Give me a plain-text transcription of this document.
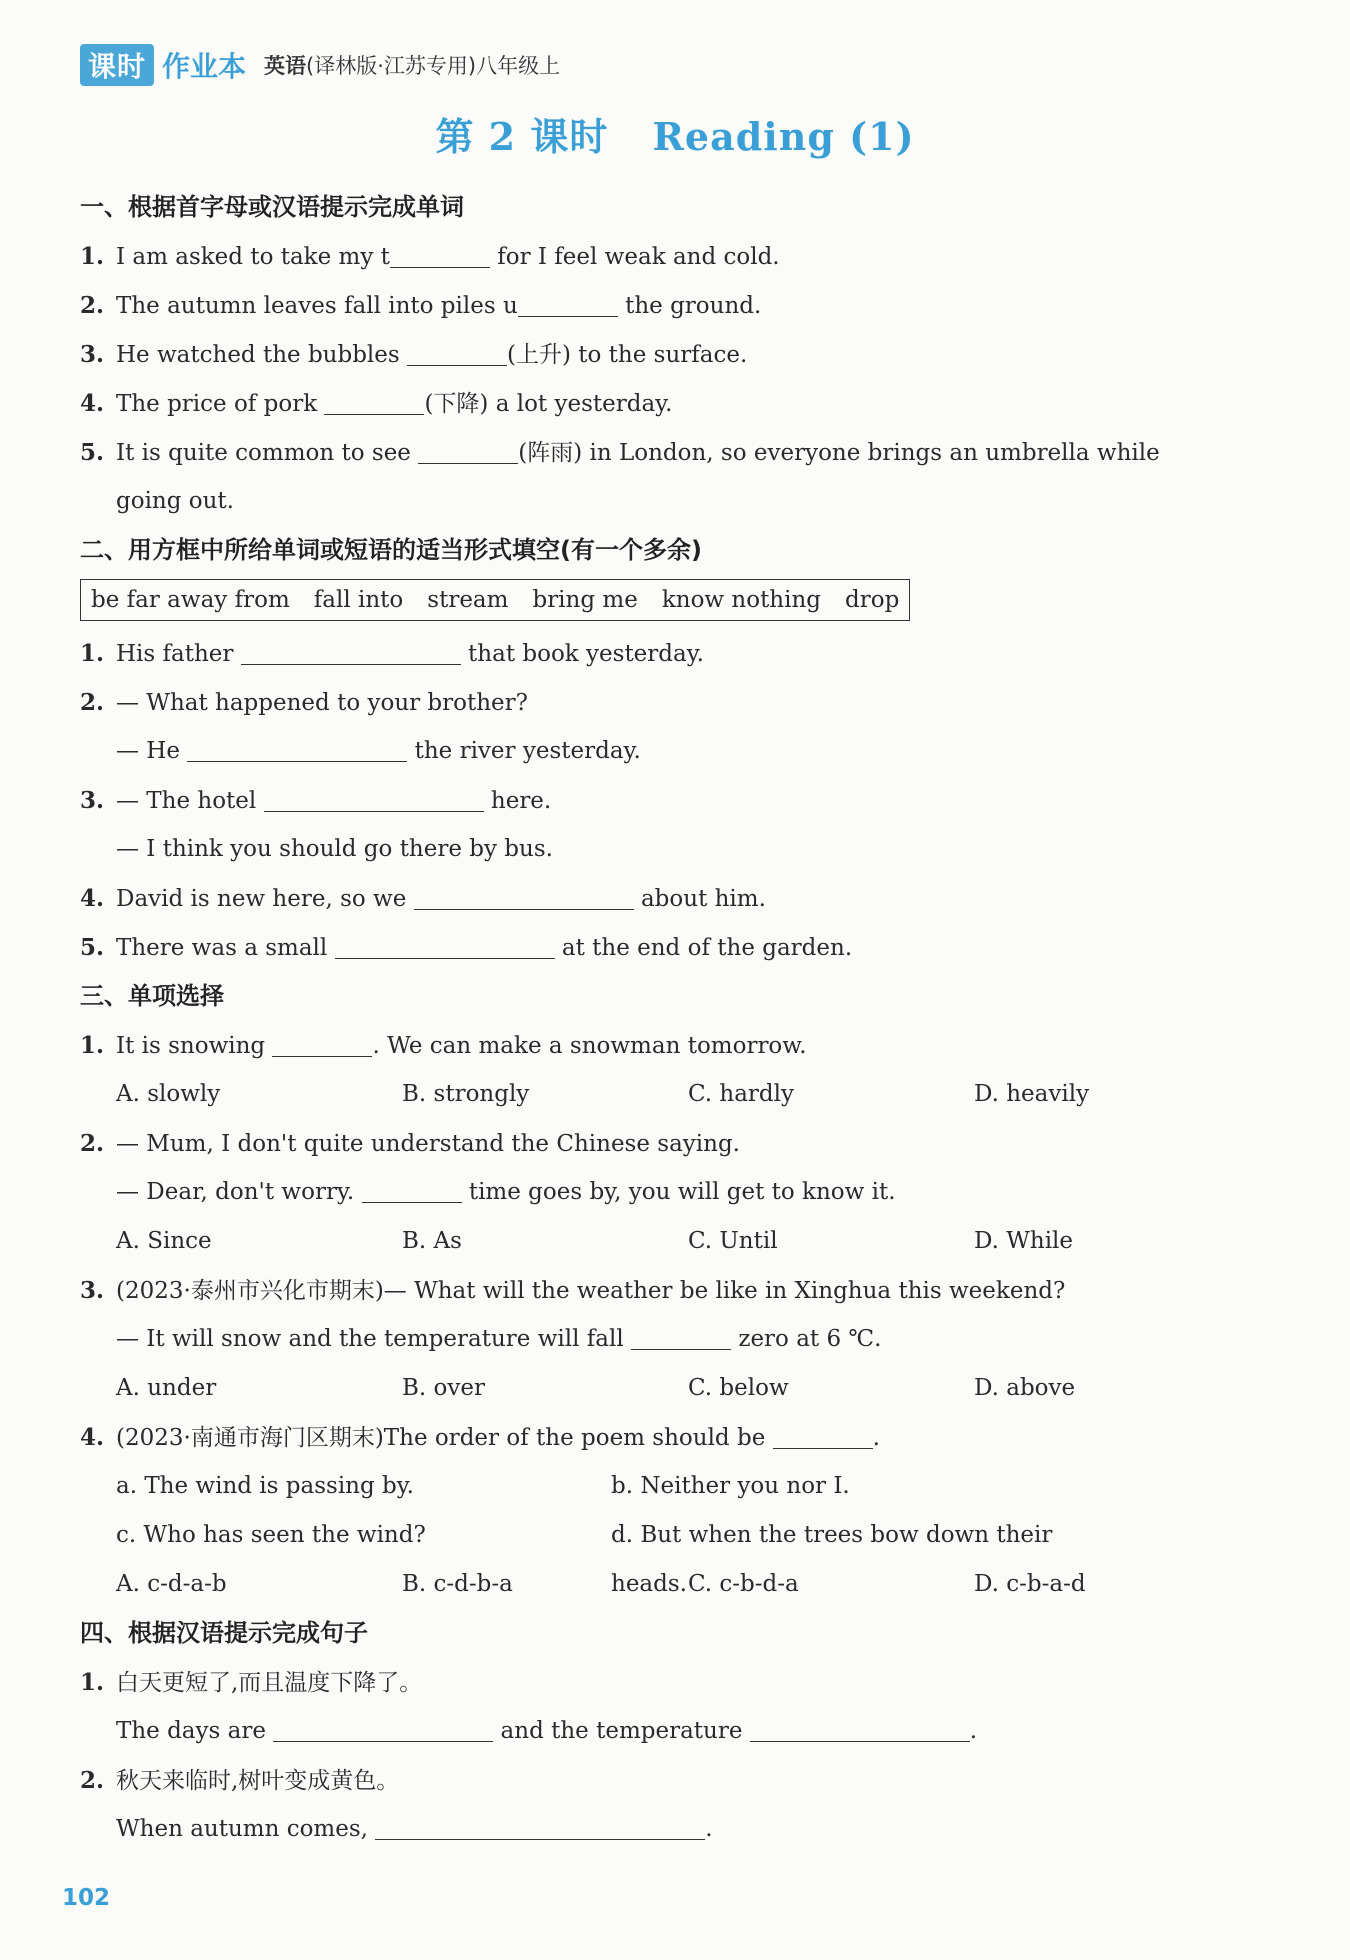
课时 作业本 英语(译林版·江苏专用)八年级上
第 2 课时 Reading (1)
一、根据首字母或汉语提示完成单词
1. I am asked to take my t	for I feel weak and cold.
2. The autumn leaves fall into piles u	the ground.
3. He watched the bubbles	(上升) to the surface.
4. The price of pork	(下降) a lot yesterday.
5. It is quite common to see	(阵雨) in London, so everyone brings an umbrella while
going out.
二、用方框中所给单词或短语的适当形式填空(有一个多余)
be far away from fall into stream bring me know nothing drop
1. His father	that book yesterday.
2. — What happened to your brother?
— He	the river yesterday.
3. — The hotel	here.
— I think you should go there by bus.
4. David is new here, so we	about him.
5. There was a small	at the end of the garden.
三、单项选择
1. It is snowing	. We can make a snowman tomorrow.
A. slowly	B. strongly	C. hardly	D. heavily
2. — Mum, I don't quite understand the Chinese saying.
— Dear, don't worry.	time goes by, you will get to know it.
A. Since	B. As	C. Until	D. While
3. (2023·泰州市兴化市期末)— What will the weather be like in Xinghua this weekend?
— It will snow and the temperature will fall	zero at 6 ℃.
A. under	B. over	C. below	D. above
4. (2023·南通市海门区期末)The order of the poem should be	.
a. The wind is passing by.	b. Neither you nor I.
c. Who has seen the wind?	d. But when the trees bow down their heads.
A. c-d-a-b	B. c-d-b-a	C. c-b-d-a	D. c-b-a-d
四、根据汉语提示完成句子
1. 白天更短了,而且温度下降了。
The days are	and the temperature	.
2. 秋天来临时,树叶变成黄色。
When autumn comes,	.
102
